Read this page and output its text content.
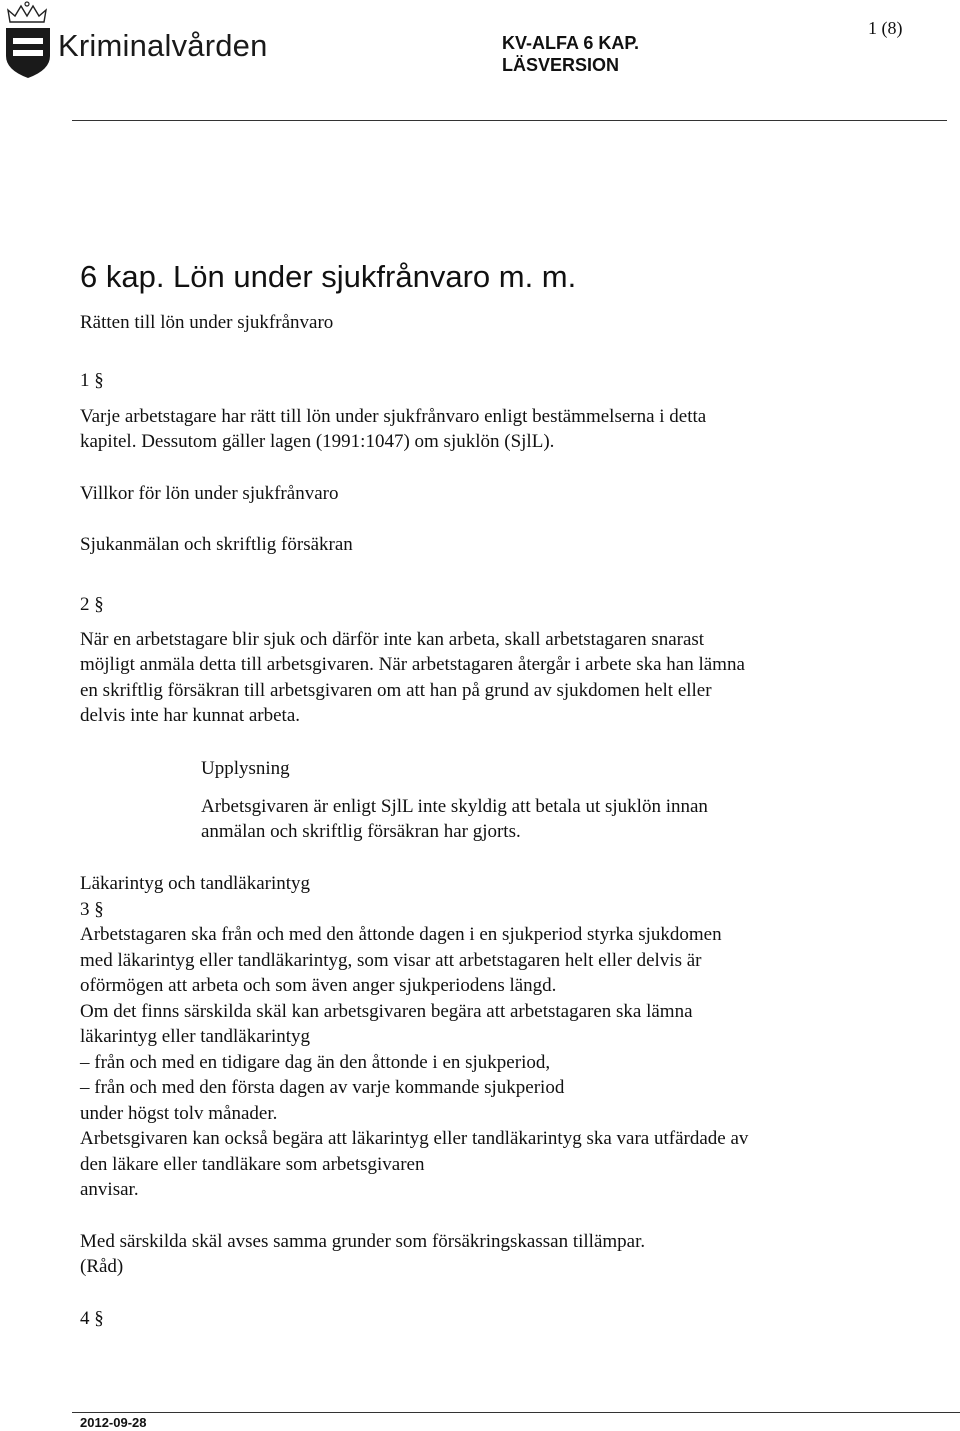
Kriminalvården	KV-ALFA 6 KAP.
LÄSVERSION
1 (8)
6 kap. Lön under sjukfrånvaro m. m.
Rätten till lön under sjukfrånvaro
1 §
Varje arbetstagare har rätt till lön under sjukfrånvaro enligt bestämmelserna i detta
kapitel. Dessutom gäller lagen (1991:1047) om sjuklön (SjlL).
Villkor för lön under sjukfrånvaro
Sjukanmälan och skriftlig försäkran
2 §
När en arbetstagare blir sjuk och därför inte kan arbeta, skall arbetstagaren snarast
möjligt anmäla detta till arbetsgivaren. När arbetstagaren återgår i arbete ska han lämna
en skriftlig försäkran till arbetsgivaren om att han på grund av sjukdomen helt eller
delvis inte har kunnat arbeta.
Upplysning
Arbetsgivaren är enligt SjlL inte skyldig att betala ut sjuklön innan
anmälan och skriftlig försäkran har gjorts.
Läkarintyg och tandläkarintyg
3 §
Arbetstagaren ska från och med den åttonde dagen i en sjukperiod styrka sjukdomen
med läkarintyg eller tandläkarintyg, som visar att arbetstagaren helt eller delvis är
oförmögen att arbeta och som även anger sjukperiodens längd.
Om det finns särskilda skäl kan arbetsgivaren begära att arbetstagaren ska lämna
läkarintyg eller tandläkarintyg
– från och med en tidigare dag än den åttonde i en sjukperiod,
– från och med den första dagen av varje kommande sjukperiod
under högst tolv månader.
Arbetsgivaren kan också begära att läkarintyg eller tandläkarintyg ska vara utfärdade av
den läkare eller tandläkare som arbetsgivaren
anvisar.
Med särskilda skäl avses samma grunder som försäkringskassan tillämpar.
(Råd)
4 §
2012-09-28
